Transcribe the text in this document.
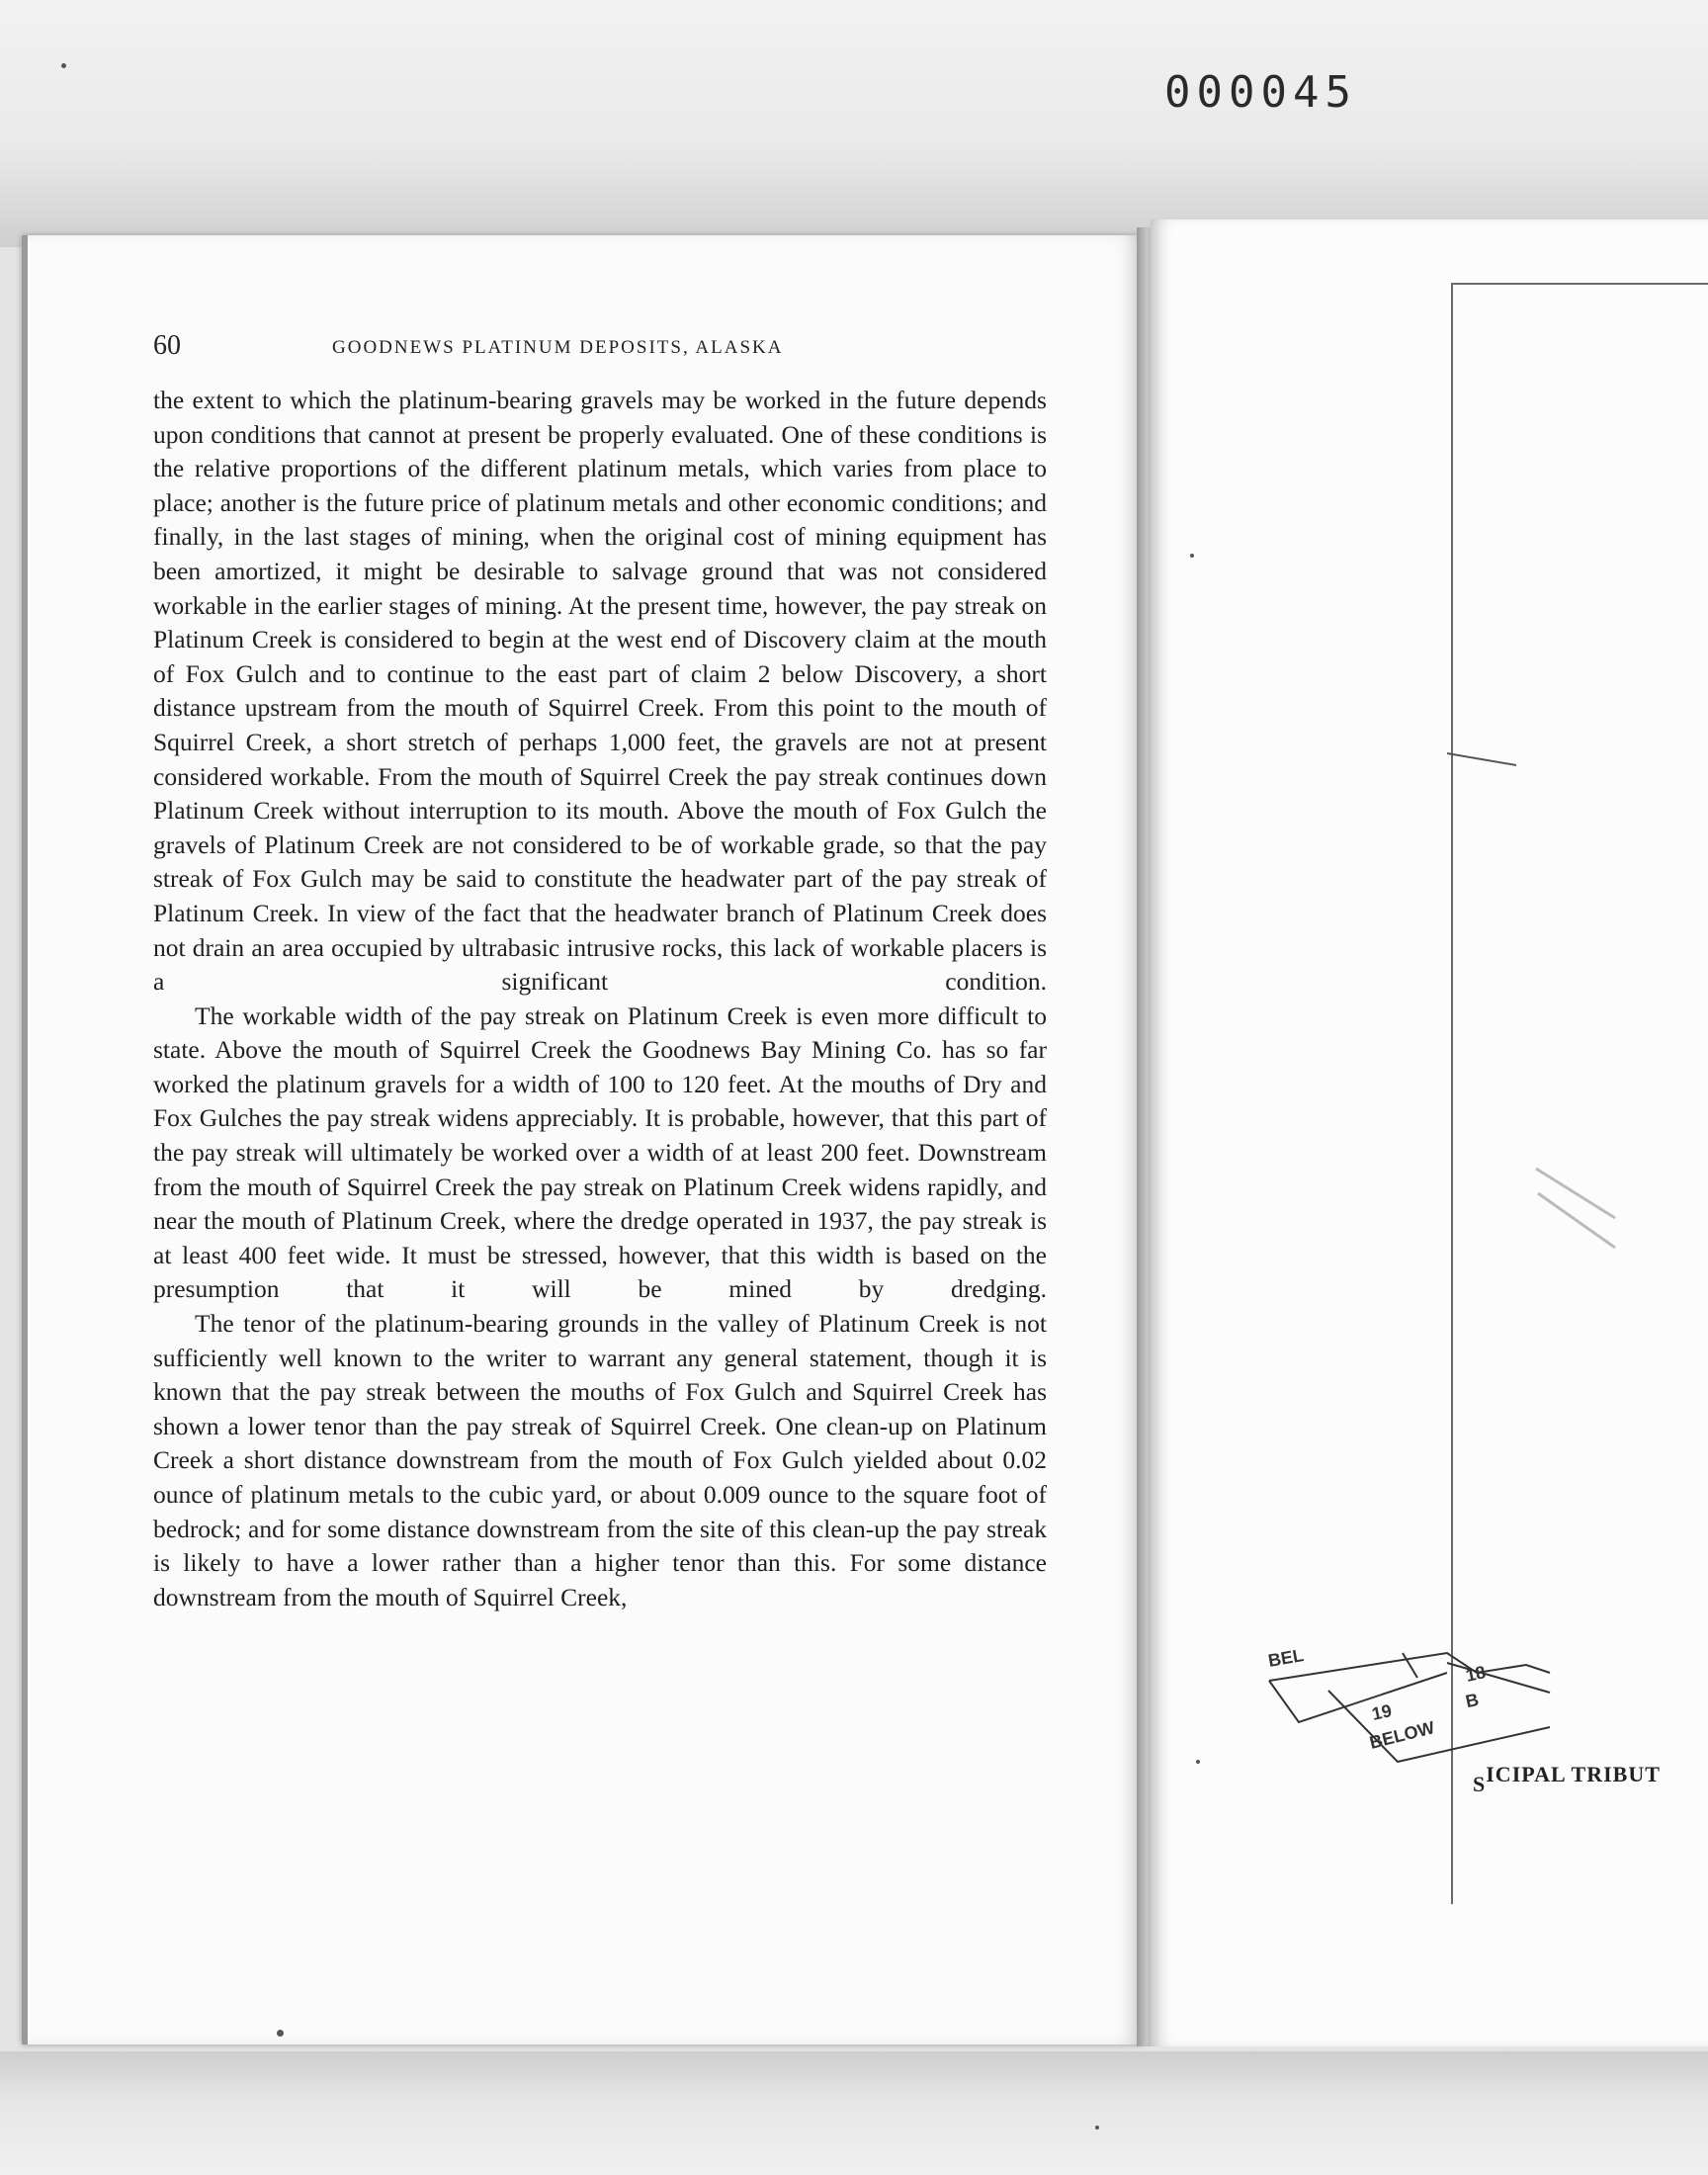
000045
BEL
19
BELOW
18
B
SICIPAL TRIBUT
60	GOODNEWS PLATINUM DEPOSITS, ALASKA

the extent to which the platinum-bearing gravels may be worked in the future depends upon conditions that cannot at present be properly evaluated. One of these conditions is the relative proportions of the different platinum metals, which varies from place to place; another is the future price of platinum metals and other economic conditions; and finally, in the last stages of mining, when the original cost of mining equipment has been amortized, it might be desirable to salvage ground that was not considered workable in the earlier stages of mining. At the present time, however, the pay streak on Platinum Creek is considered to begin at the west end of Discovery claim at the mouth of Fox Gulch and to continue to the east part of claim 2 below Discovery, a short distance upstream from the mouth of Squirrel Creek. From this point to the mouth of Squirrel Creek, a short stretch of perhaps 1,000 feet, the gravels are not at present considered workable. From the mouth of Squirrel Creek the pay streak continues down Platinum Creek without interruption to its mouth. Above the mouth of Fox Gulch the gravels of Platinum Creek are not considered to be of workable grade, so that the pay streak of Fox Gulch may be said to constitute the headwater part of the pay streak of Platinum Creek. In view of the fact that the headwater branch of Platinum Creek does not drain an area occupied by ultrabasic intrusive rocks, this lack of workable placers is a significant condition.

The workable width of the pay streak on Platinum Creek is even more difficult to state. Above the mouth of Squirrel Creek the Goodnews Bay Mining Co. has so far worked the platinum gravels for a width of 100 to 120 feet. At the mouths of Dry and Fox Gulches the pay streak widens appreciably. It is probable, however, that this part of the pay streak will ultimately be worked over a width of at least 200 feet. Downstream from the mouth of Squirrel Creek the pay streak on Platinum Creek widens rapidly, and near the mouth of Platinum Creek, where the dredge operated in 1937, the pay streak is at least 400 feet wide. It must be stressed, however, that this width is based on the presumption that it will be mined by dredging.

The tenor of the platinum-bearing grounds in the valley of Platinum Creek is not sufficiently well known to the writer to warrant any general statement, though it is known that the pay streak between the mouths of Fox Gulch and Squirrel Creek has shown a lower tenor than the pay streak of Squirrel Creek. One clean-up on Platinum Creek a short distance downstream from the mouth of Fox Gulch yielded about 0.02 ounce of platinum metals to the cubic yard, or about 0.009 ounce to the square foot of bedrock; and for some distance downstream from the site of this clean-up the pay streak is likely to have a lower rather than a higher tenor than this. For some distance downstream from the mouth of Squirrel Creek,
